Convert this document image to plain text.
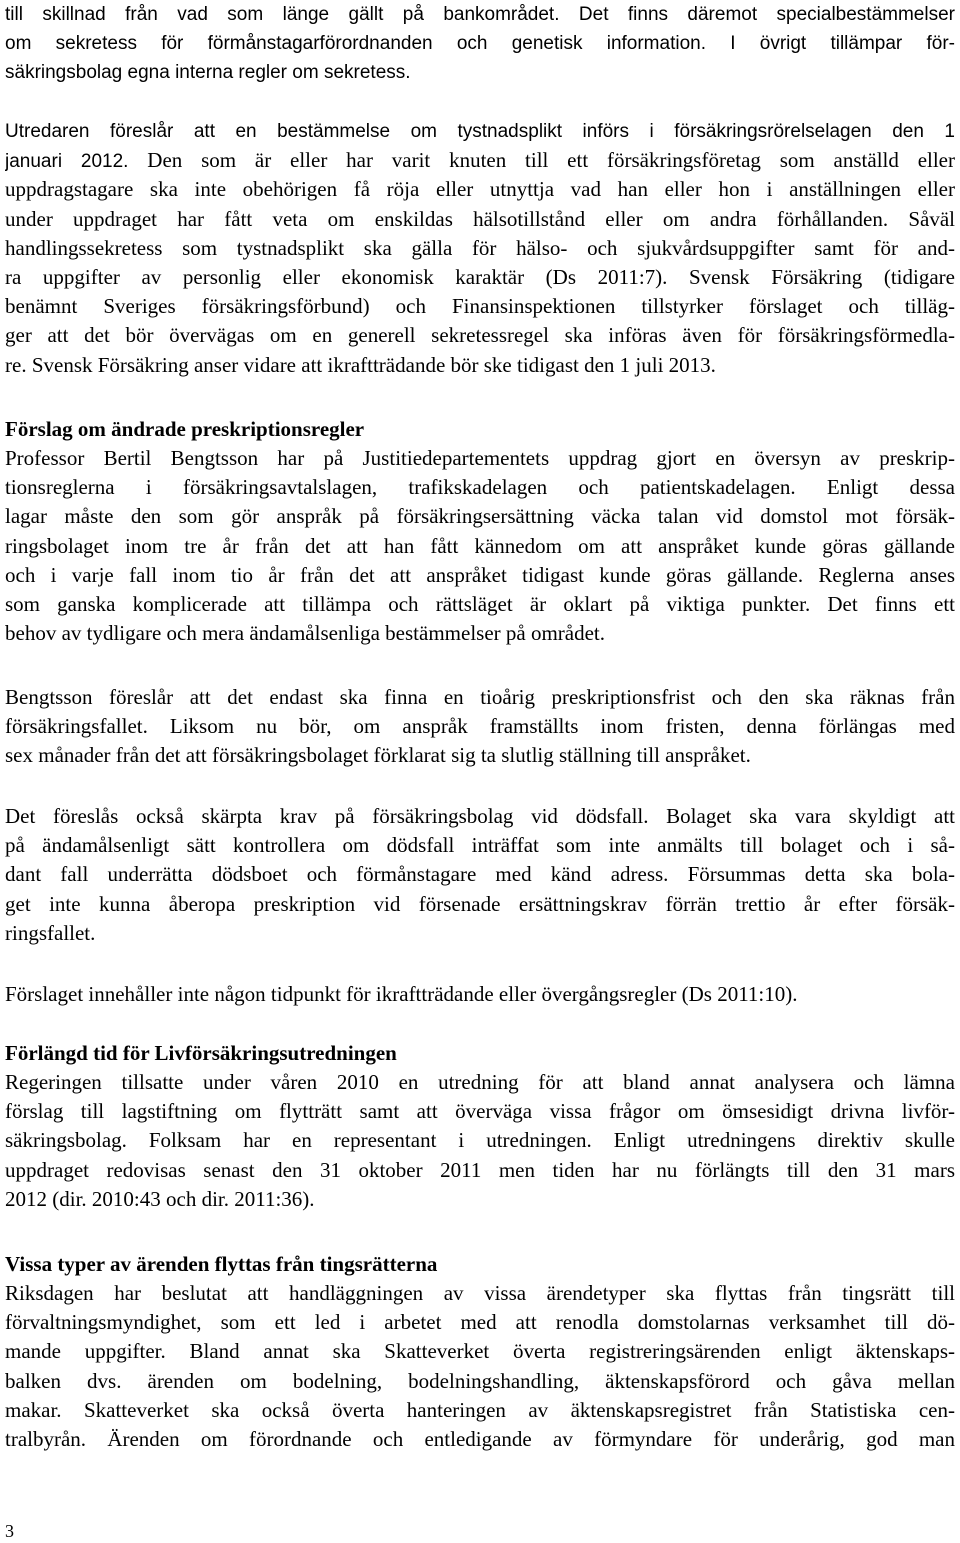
till skillnad från vad som länge gällt på bankområdet. Det finns däremot specialbestämmelser
om sekretess för förmånstagarförordnanden och genetisk information. I övrigt tillämpar för-
säkringsbolag egna interna regler om sekretess.
Utredaren föreslår att en bestämmelse om tystnadsplikt införs i försäkringsrörelselagen den 1
januari 2012. Den som är eller har varit knuten till ett försäkringsföretag som anställd eller
uppdragstagare ska inte obehörigen få röja eller utnyttja vad han eller hon i anställningen eller
under uppdraget har fått veta om enskildas hälsotillstånd eller om andra förhållanden. Såväl
handlingssekretess som tystnadsplikt ska gälla för hälso- och sjukvårdsuppgifter samt för and-
ra uppgifter av personlig eller ekonomisk karaktär (Ds 2011:7). Svensk Försäkring (tidigare
benämnt Sveriges försäkringsförbund) och Finansinspektionen tillstyrker förslaget och tilläg-
ger att det bör övervägas om en generell sekretessregel ska införas även för försäkringsförmedla-
re. Svensk Försäkring anser vidare att ikraftträdande bör ske tidigast den 1 juli 2013.
Förslag om ändrade preskriptionsregler
Professor Bertil Bengtsson har på Justitiedepartementets uppdrag gjort en översyn av preskrip-
tionsreglerna i försäkringsavtalslagen, trafikskadelagen och patientskadelagen. Enligt dessa
lagar måste den som gör anspråk på försäkringsersättning väcka talan vid domstol mot försäk-
ringsbolaget inom tre år från det att han fått kännedom om att anspråket kunde göras gällande
och i varje fall inom tio år från det att anspråket tidigast kunde göras gällande. Reglerna anses
som ganska komplicerade att tillämpa och rättsläget är oklart på viktiga punkter. Det finns ett
behov av tydligare och mera ändamålsenliga bestämmelser på området.
Bengtsson föreslår att det endast ska finna en tioårig preskriptionsfrist och den ska räknas från
försäkringsfallet. Liksom nu bör, om anspråk framställts inom fristen, denna förlängas med
sex månader från det att försäkringsbolaget förklarat sig ta slutlig ställning till anspråket.
Det föreslås också skärpta krav på försäkringsbolag vid dödsfall. Bolaget ska vara skyldigt att
på ändamålsenligt sätt kontrollera om dödsfall inträffat som inte anmälts till bolaget och i så-
dant fall underrätta dödsboet och förmånstagare med känd adress. Försummas detta ska bola-
get inte kunna åberopa preskription vid försenade ersättningskrav förrän trettio år efter försäk-
ringsfallet.
Förslaget innehåller inte någon tidpunkt för ikraftträdande eller övergångsregler (Ds 2011:10).
Förlängd tid för Livförsäkringsutredningen
Regeringen tillsatte under våren 2010 en utredning för att bland annat analysera och lämna
förslag till lagstiftning om flytträtt samt att överväga vissa frågor om ömsesidigt drivna livför-
säkringsbolag. Folksam har en representant i utredningen. Enligt utredningens direktiv skulle
uppdraget redovisas senast den 31 oktober 2011 men tiden har nu förlängts till den 31 mars
2012 (dir. 2010:43 och dir. 2011:36).
Vissa typer av ärenden flyttas från tingsrätterna
Riksdagen har beslutat att handläggningen av vissa ärendetyper ska flyttas från tingsrätt till
förvaltningsmyndighet, som ett led i arbetet med att renodla domstolarnas verksamhet till dö-
mande uppgifter. Bland annat ska Skatteverket överta registreringsärenden enligt äktenskaps-
balken dvs. ärenden om bodelning, bodelningshandling, äktenskapsförord och gåva mellan
makar. Skatteverket ska också överta hanteringen av äktenskapsregistret från Statistiska cen-
tralbyrån. Ärenden om förordnande och entledigande av förmyndare för underårig, god man
3
